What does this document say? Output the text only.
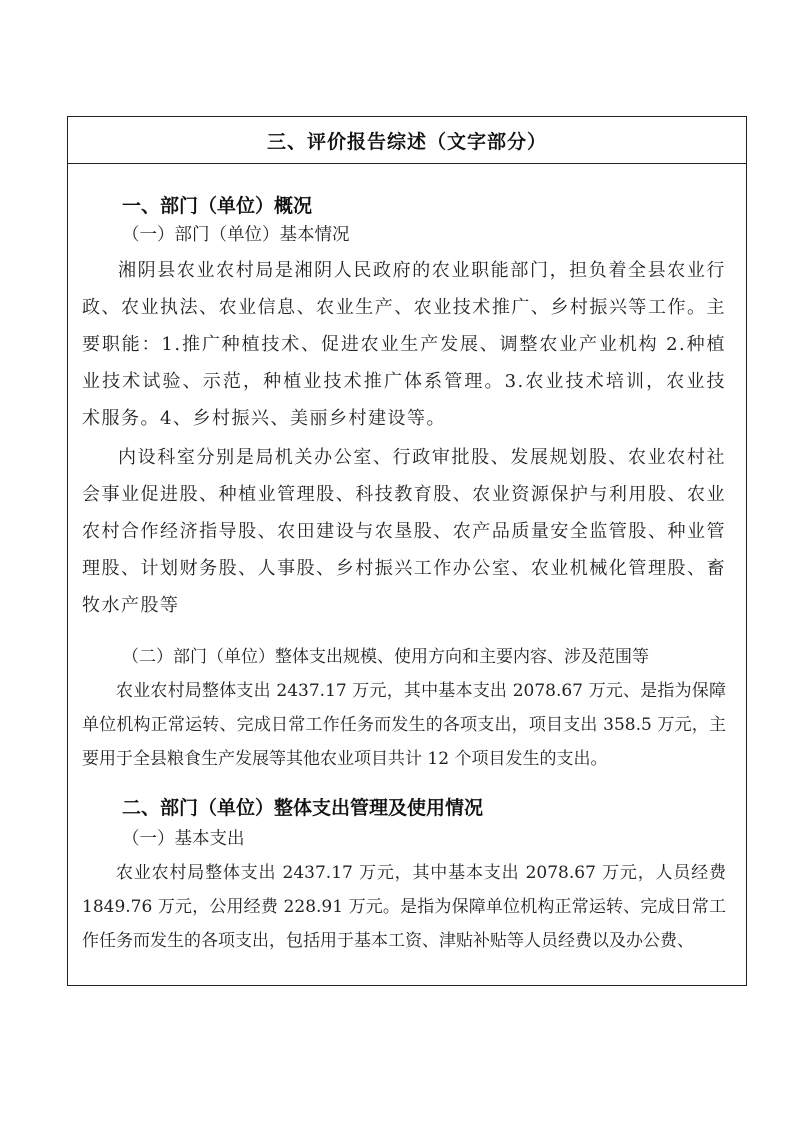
三、评价报告综述（文字部分）

一、部门（单位）概况

（一）部门（单位）基本情况

湘阴县农业农村局是湘阴人民政府的农业职能部门，担负着全县农业行政、农业执法、农业信息、农业生产、农业技术推广、乡村振兴等工作。主要职能：1.推广种植技术、促进农业生产发展、调整农业产业机构 2.种植业技术试验、示范，种植业技术推广体系管理。3.农业技术培训，农业技术服务。4、乡村振兴、美丽乡村建设等。

内设科室分别是局机关办公室、行政审批股、发展规划股、农业农村社会事业促进股、种植业管理股、科技教育股、农业资源保护与利用股、农业农村合作经济指导股、农田建设与农垦股、农产品质量安全监管股、种业管理股、计划财务股、人事股、乡村振兴工作办公室、农业机械化管理股、畜牧水产股等

（二）部门（单位）整体支出规模、使用方向和主要内容、涉及范围等

农业农村局整体支出 2437.17 万元，其中基本支出 2078.67 万元、是指为保障单位机构正常运转、完成日常工作任务而发生的各项支出，项目支出 358.5 万元，主要用于全县粮食生产发展等其他农业项目共计 12 个项目发生的支出。

二、部门（单位）整体支出管理及使用情况

（一）基本支出

农业农村局整体支出 2437.17 万元，其中基本支出 2078.67 万元，人员经费 1849.76 万元，公用经费 228.91 万元。是指为保障单位机构正常运转、完成日常工作任务而发生的各项支出，包括用于基本工资、津贴补贴等人员经费以及办公费、
